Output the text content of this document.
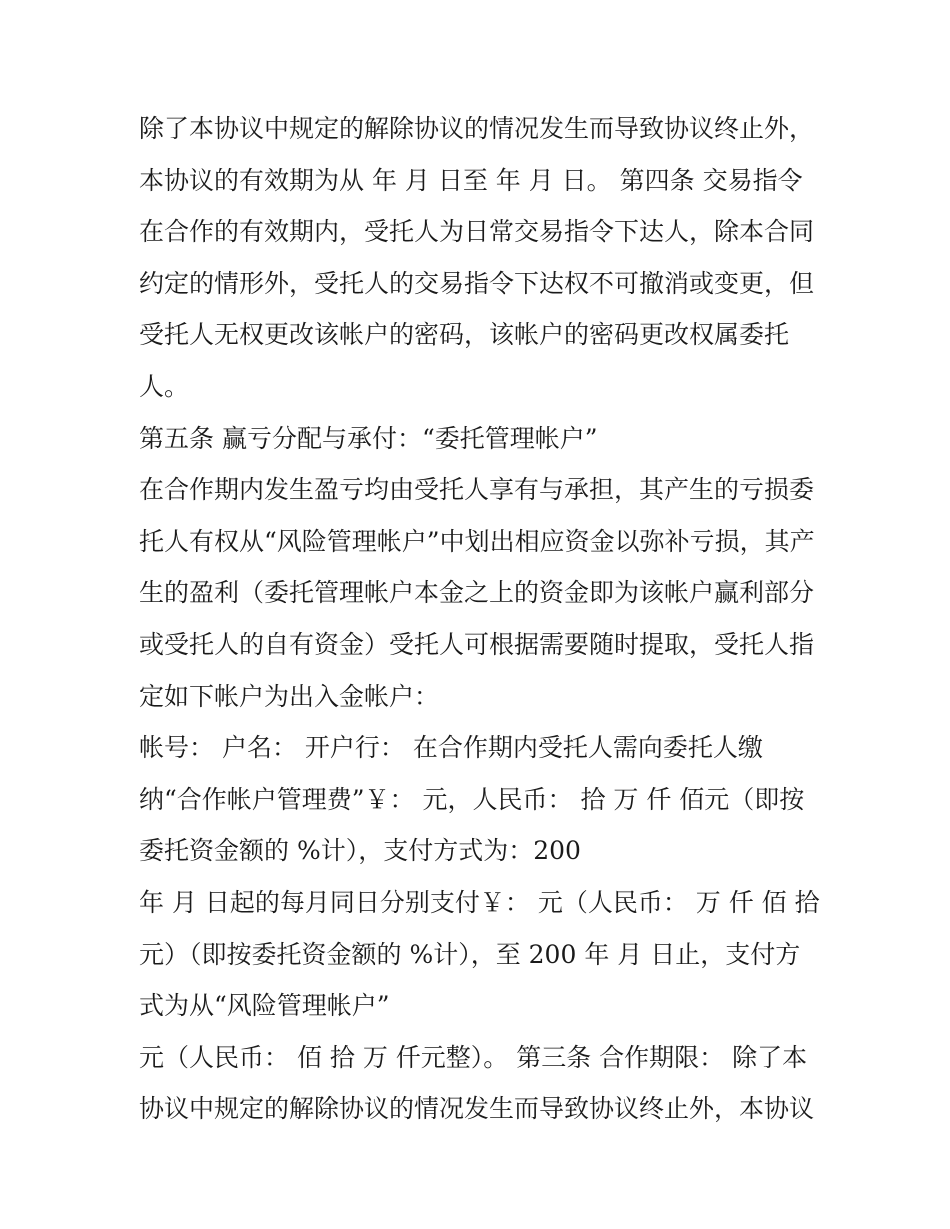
除了本协议中规定的解除协议的情况发生而导致协议终止外，
本协议的有效期为从 年 月 日至 年 月 日。 第四条 交易指令
在合作的有效期内，受托人为日常交易指令下达人，除本合同
约定的情形外，受托人的交易指令下达权不可撤消或变更，但
受托人无权更改该帐户的密码，该帐户的密码更改权属委托
人。
第五条 赢亏分配与承付：“委托管理帐户”
在合作期内发生盈亏均由受托人享有与承担，其产生的亏损委
托人有权从“风险管理帐户”中划出相应资金以弥补亏损，其产
生的盈利（委托管理帐户本金之上的资金即为该帐户赢利部分
或受托人的自有资金）受托人可根据需要随时提取，受托人指
定如下帐户为出入金帐户：
帐号： 户名： 开户行： 在合作期内受托人需向委托人缴
纳“合作帐户管理费”￥： 元，人民币： 拾 万 仟 佰元（即按
委托资金额的 %计），支付方式为：200
年 月 日起的每月同日分别支付￥： 元（人民币： 万 仟 佰 拾
元）（即按委托资金额的 %计），至 200 年 月 日止，支付方
式为从“风险管理帐户”
元（人民币： 佰 拾 万 仟元整）。 第三条 合作期限： 除了本
协议中规定的解除协议的情况发生而导致协议终止外，本协议
